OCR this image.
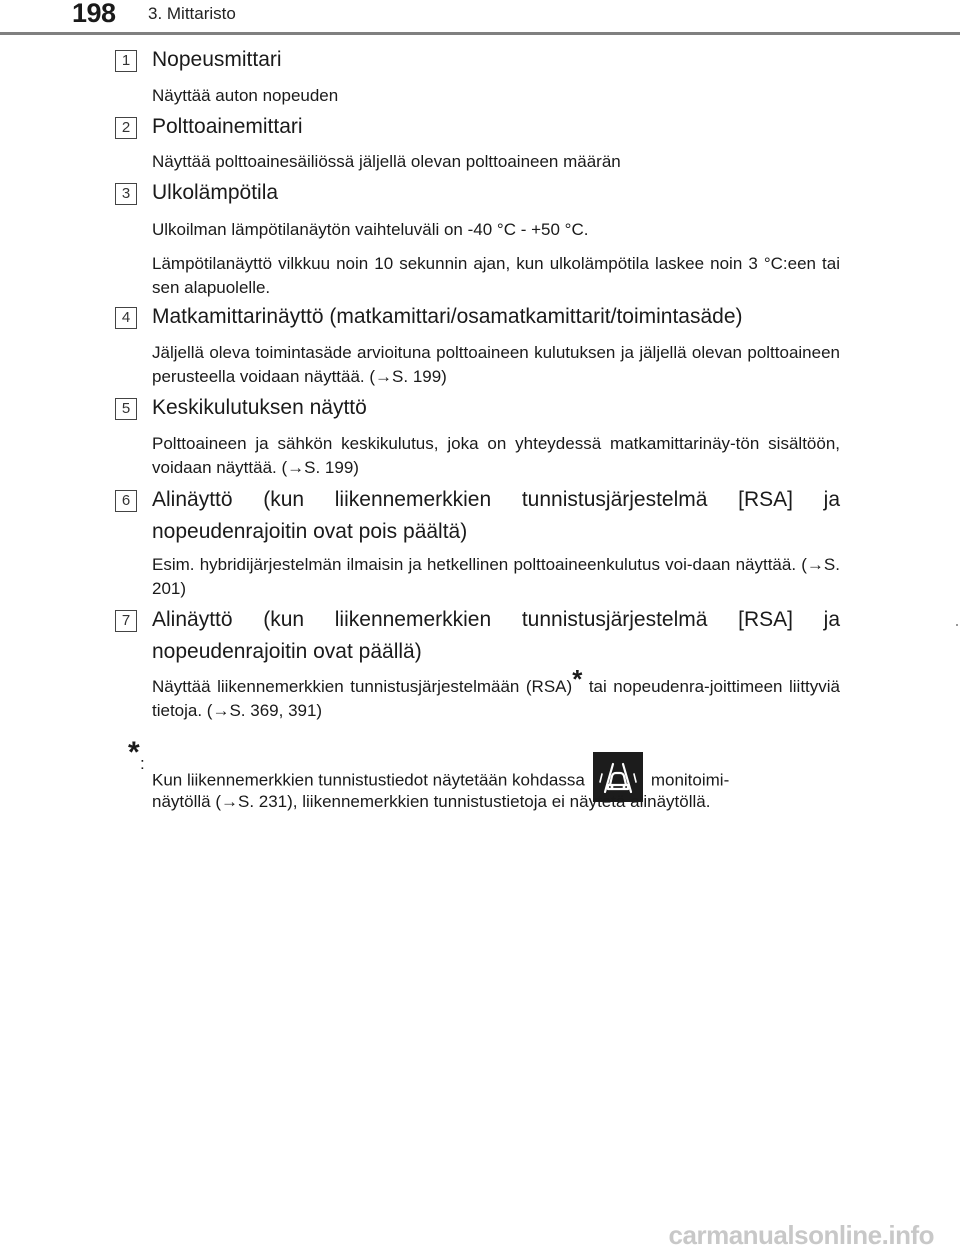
198 3. Mittaristo
1	Nopeusmittari

Näyttää auton nopeuden

2	Polttoainemittari

Näyttää polttoainesäiliössä jäljellä olevan polttoaineen määrän

3	Ulkolämpötila

Ulkoilman lämpötilanäytön vaihteluväli on -40 °C - +50 °C.

Lämpötilanäyttö vilkkuu noin 10 sekunnin ajan, kun ulkolämpötila laskee noin 3 °C:een tai sen alapuolelle.

4	Matkamittarinäyttö (matkamittari/osamatkamittarit/toimintasäde)

Jäljellä oleva toimintasäde arvioituna polttoaineen kulutuksen ja jäljellä olevan polttoaineen perusteella voidaan näyttää. (→S. 199)

5	Keskikulutuksen näyttö

Polttoaineen ja sähkön keskikulutus, joka on yhteydessä matkamittarinäy-tön sisältöön, voidaan näyttää. (→S. 199)

6	Alinäyttö (kun liikennemerkkien tunnistusjärjestelmä [RSA] ja nopeudenrajoitin ovat pois päältä)

Esim. hybridijärjestelmän ilmaisin ja hetkellinen polttoaineenkulutus voi-daan näyttää. (→S. 201)

7	Alinäyttö (kun liikennemerkkien tunnistusjärjestelmä [RSA] ja nopeudenrajoitin ovat päällä)

Näyttää liikennemerkkien tunnistusjärjestelmään (RSA)* tai nopeudenra-joittimeen liittyviä tietoja. (→S. 369, 391)

* :
Kun liikennemerkkien tunnistustiedot näytetään kohdassa	monitoimi-
näytöllä (→S. 231), liikennemerkkien tunnistustietoja ei näytetä alinäytöllä.
carmanualsonline.info
